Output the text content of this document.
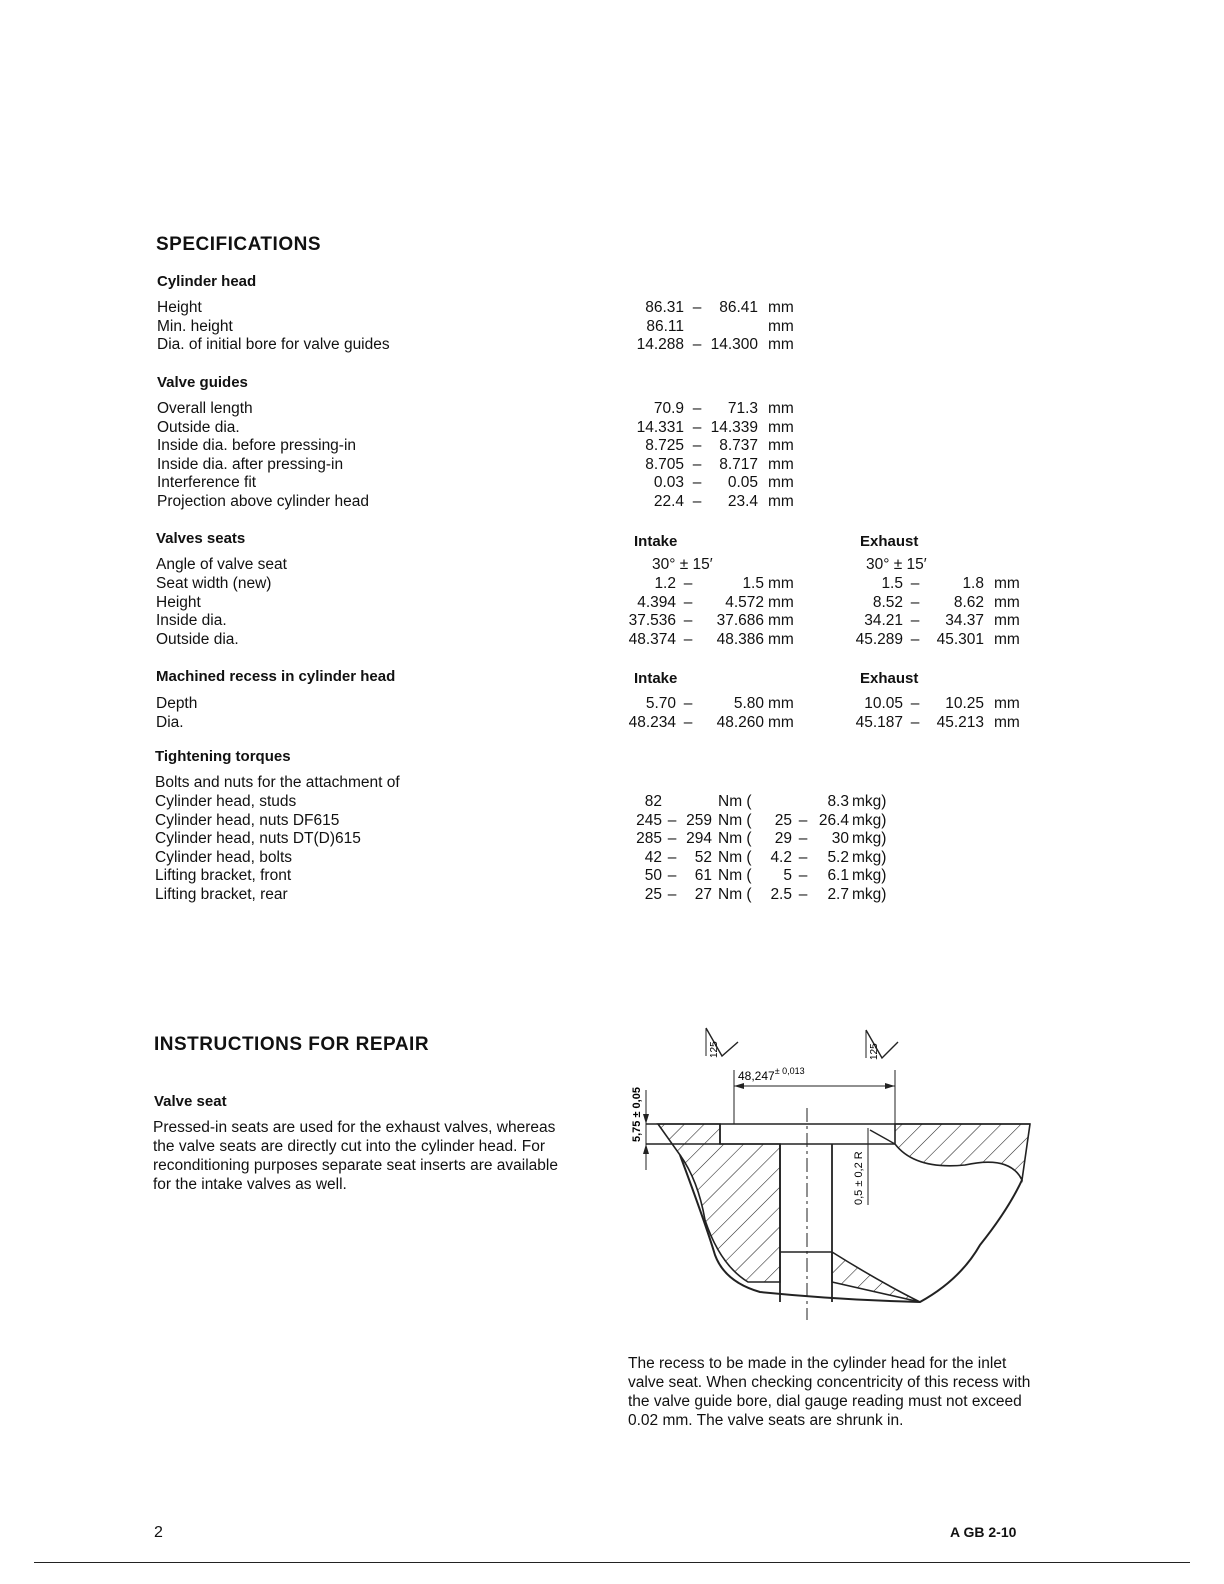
SPECIFICATIONS
Cylinder head
Height	86.31 –	86.41 mm
Min. height	86.11	mm
Dia. of initial bore for valve guides	14.288 – 14.300 mm
Valve guides
Overall length	70.9 –	71.3 mm
Outside dia.	14.331 – 14.339 mm
Inside dia. before pressing-in	8.725 –	8.737 mm
Inside dia. after pressing-in	8.705 –	8.717 mm
Interference fit	0.03 –	0.05 mm
Projection above cylinder head	22.4 –	23.4 mm
Valves seats	Intake	Exhaust
Angle of valve seat	30° ± 15′	30° ± 15′
Seat width (new)	1.2 –	1.5 mm	1.5 –	1.8 mm
Height	4.394 –	4.572 mm	8.52 –	8.62 mm
Inside dia.	37.536 –	37.686 mm	34.21 –	34.37 mm
Outside dia.	48.374 –	48.386 mm	45.289 –	45.301 mm
Machined recess in cylinder head	Intake	Exhaust
Depth	5.70 –	5.80 mm	10.05 –	10.25 mm
Dia.	48.234 –	48.260 mm	45.187 –	45.213 mm
Tightening torques
Bolts and nuts for the attachment of
Cylinder head, studs	82	Nm (	8.3 mkg)
Cylinder head, nuts DF615	245 – 259 Nm (	25 – 26.4 mkg)
Cylinder head, nuts DT(D)615	285 – 294 Nm (	29 –	30 mkg)
Cylinder head, bolts	42 –	52 Nm (	4.2 –	5.2 mkg)
Lifting bracket, front	50 –	61 Nm (	5 –	6.1 mkg)
Lifting bracket, rear	25 –	27 Nm (	2.5 –	2.7 mkg)
INSTRUCTIONS FOR REPAIR
Valve seat
Pressed-in seats are used for the exhaust valves, whereas the valve seats are directly cut into the cylinder head. For reconditioning purposes separate seat inserts are available for the intake valves as well.
$48,247^{\pm 0,013}$
5,75 ± 0,05
0,5 ± 0,2 R
125	125
The recess to be made in the cylinder head for the inlet valve seat. When checking concentricity of this recess with the valve guide bore, dial gauge reading must not exceed 0.02 mm. The valve seats are shrunk in.
2	A GB 2-10
